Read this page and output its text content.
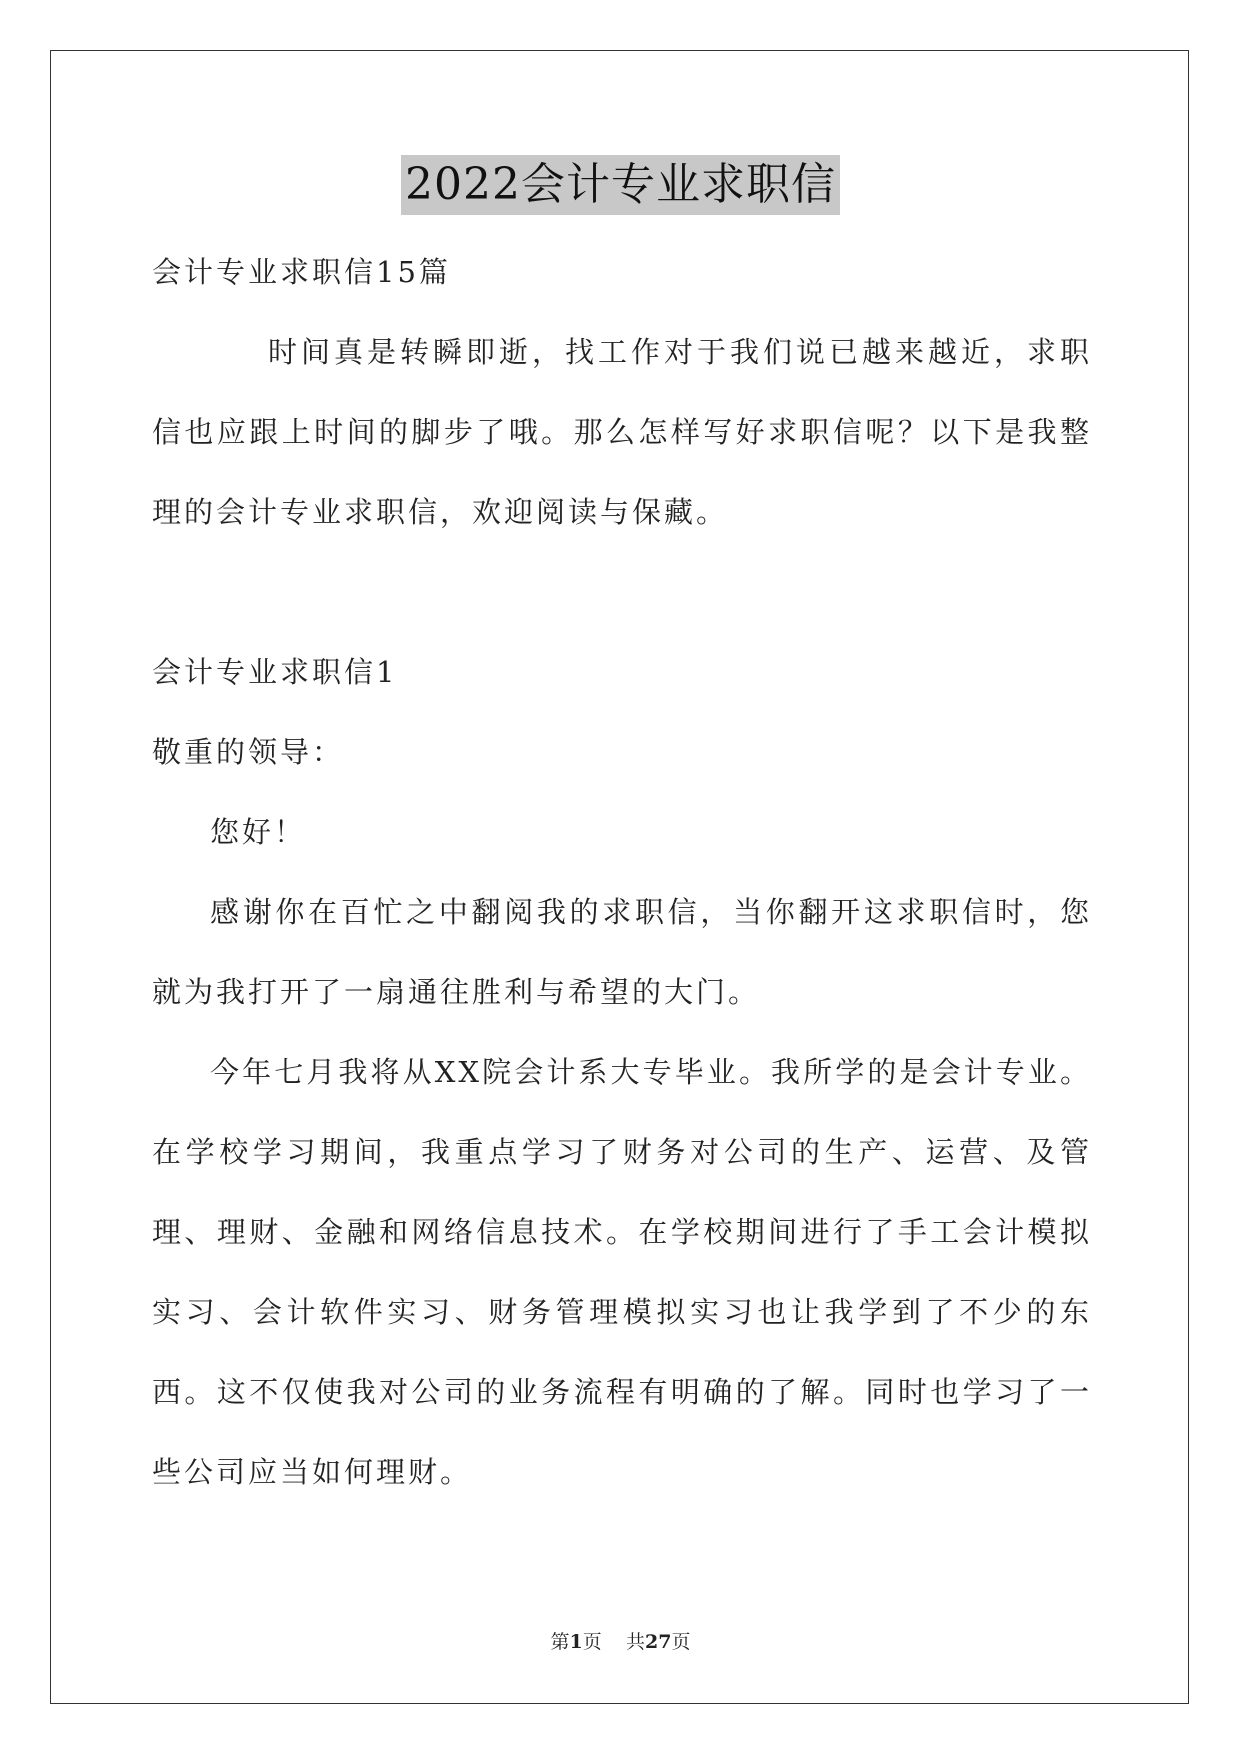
2022会计专业求职信

会计专业求职信15篇

时间真是转瞬即逝，找工作对于我们说已越来越近，求职信也应跟上时间的脚步了哦。那么怎样写好求职信呢？以下是我整理的会计专业求职信，欢迎阅读与保藏。

会计专业求职信1

敬重的领导：

您好！

感谢你在百忙之中翻阅我的求职信，当你翻开这求职信时，您就为我打开了一扇通往胜利与希望的大门。

今年七月我将从XX院会计系大专毕业。我所学的是会计专业。在学校学习期间，我重点学习了财务对公司的生产、运营、及管理、理财、金融和网络信息技术。在学校期间进行了手工会计模拟实习、会计软件实习、财务管理模拟实习也让我学到了不少的东西。这不仅使我对公司的业务流程有明确的了解。同时也学习了一些公司应当如何理财。

第1页 共27页
